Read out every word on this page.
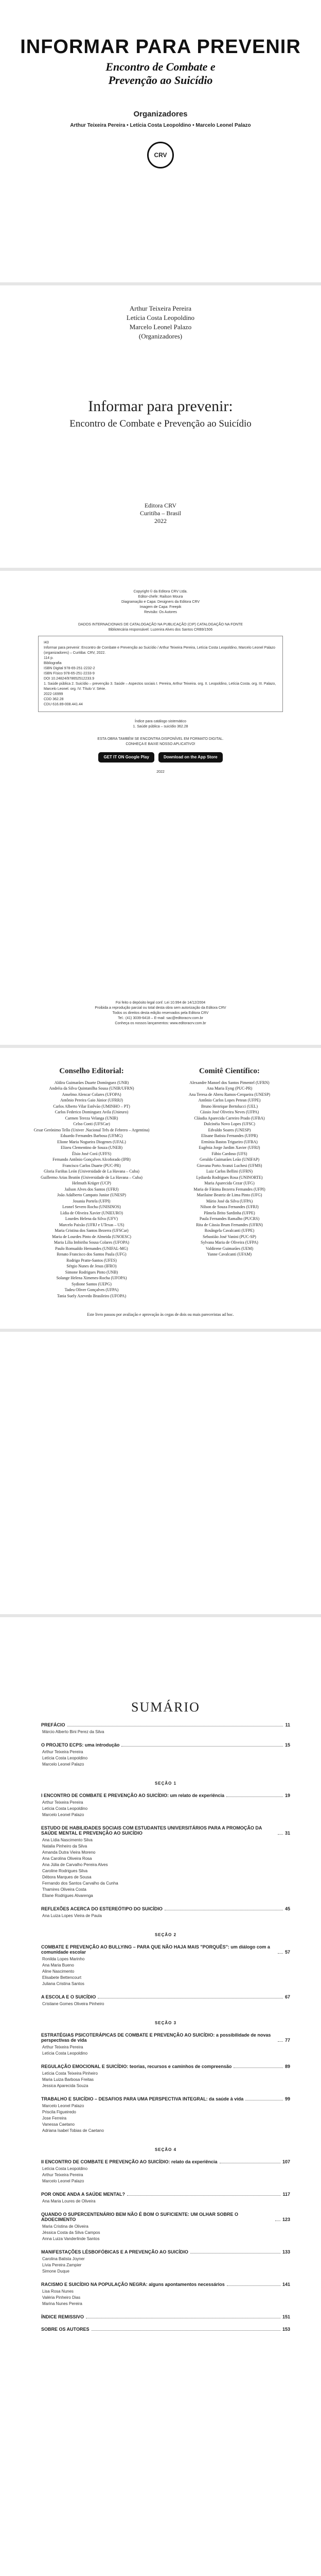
INFORMAR PARA PREVENIR
Encontro de Combate e
Prevenção ao Suicídio
Organizadores
Arthur Teixeira Pereira • Letícia Costa Leopoldino • Marcelo Leonel Palazo
CRV
Arthur Teixeira Pereira
Letícia Costa Leopoldino
Marcelo Leonel Palazo
(Organizadores)
Informar para prevenir:
Encontro de Combate e Prevenção ao Suicídio
Editora CRV
Curitiba – Brasil
2022

Copyright © da Editora CRV Ltda.

Editor-chefe: Railson Moura

Diagramação e Capa: Designers da Editora CRV

Imagem de Capa: Freepik

Revisão: Os Autores

DADOS INTERNACIONAIS DE CATALOGAÇÃO NA PUBLICAÇÃO (CIP) CATALOGAÇÃO NA FONTE
Bibliotecária responsável: Luzenira Alves dos Santos CRB9/1506

I43

Informar para prevenir: Encontro de Combate e Prevenção ao Suicídio / Arthur Teixeira Pereira, Letícia Costa Leopoldino, Marcelo Leonel Palazo (organizadores) – Curitiba: CRV, 2022.

114 p.

Bibliografia

ISBN Digital 978-65-251-2232-2

ISBN Físico 978-65-251-2233-9

DOI 10.24824/978652512233.9

1. Saúde pública 2. Suicídio – prevenção 3. Saúde – Aspectos sociais I. Pereira, Arthur Teixeira. org. II. Leopoldino, Letícia Costa. org. III. Palazo, Marcelo Leonel. org. IV. Título V. Série.

2022-16999

CDD 362.28

CDU 616.89-008.441.44

Índice para catálogo sistemático
1. Saúde pública – suicídio 362.28
ESTA OBRA TAMBÉM SE ENCONTRA DISPONÍVEL EM FORMATO DIGITAL.
CONHEÇA E BAIXE NOSSO APLICATIVO!
GET IT ON Google Play	Download on the App Store
2022

Foi feito o depósito legal conf. Lei 10.994 de 14/12/2004

Proibida a reprodução parcial ou total desta obra sem autorização da Editora CRV

Todos os direitos desta edição reservados pela Editora CRV

Tel.: (41) 3039-6418 – E-mail: sac@editoracrv.com.br

Conheça os nossos lançamentos: www.editoracrv.com.br

Conselho Editorial:
Aldira Guimarães Duarte Domínguez (UNB)
Andréia da Silva Quintanilha Sousa (UNIR/UFRN)
Anselmo Alencar Colares (UFOPA)
Antônio Pereira Gaio Júnior (UFRRJ)
Carlos Alberto Vilar Estêvão (UMINHO – PT)
Carlos Federico Dominguez Avila (Unieuro)
Carmen Tereza Velanga (UNIR)
Celso Conti (UFSCar)
Cesar Gerónimo Tello (Univer .Nacional Três de Febrero – Argentina)
Eduardo Fernandes Barbosa (UFMG)
Elione Maria Nogueira Diogenes (UFAL)
Elizeu Clementino de Souza (UNEB)
Élsio José Corá (UFFS)
Fernando Antônio Gonçalves Alcoforado (IPB)
Francisco Carlos Duarte (PUC-PR)
Gloria Fariñas León (Universidade de La Havana – Cuba)
Guillermo Arias Beatón (Universidade de La Havana – Cuba)
Helmuth Krüger (UCP)
Jailson Alves dos Santos (UFRJ)
João Adalberto Campato Junior (UNESP)
Josania Portela (UFPI)
Leonel Severo Rocha (UNISINOS)
Lídia de Oliveira Xavier (UNIEURO)
Lourdes Helena da Silva (UFV)
Marcelo Paixão (UFRJ e UTexas – US)
Maria Cristina dos Santos Bezerra (UFSCar)
Maria de Lourdes Pinto de Almeida (UNOESC)
Maria Lília Imbiriba Sousa Colares (UFOPA)
Paulo Romualdo Hernandes (UNIFAL-MG)
Renato Francisco dos Santos Paula (UFG)
Rodrigo Pratte-Santos (UFES)
Sérgio Nunes de Jesus (IFRO)
Simone Rodrigues Pinto (UNB)
Solange Helena Ximenes-Rocha (UFOPA)
Sydione Santos (UEPG)
Tadeu Oliver Gonçalves (UFPA)
Tania Suely Azevedo Brasileiro (UFOPA)
Comitê Científico:
Alexandre Manoel dos Santos Pimentel (UFRN)
Ana Maria Eyng (PUC-PR)
Ana Teresa de Abreu Ramos-Cerqueira (UNESP)
Antônio Carlos Lopes Petean (UFPE)
Bruno Henrique Bertolucci (UEL)
Cássio José Oliveira Neves (UFPA)
Cláudia Aparecida Carreiro Prado (UFBA)
Dulcinéia Novo Lopes (UFSC)
Edvaldo Soares (UNESP)
Elisane Batista Fernandes (UFPR)
Ermínia Bastos Trigueiro (UFBA)
Eugênia Jorge Jardim Xavier (UFRJ)
Fábio Cardoso (UFS)
Geraldo Guimarães Leão (UNIFAP)
Giovana Porto Avanzi Luchesi (UFMS)
Luiz Carlos Bellini (UFRN)
Lydiarda Rodrigues Rosa (UNINORTE)
Maria Aparecida Cezar (UFG)
Maria de Fátima Bezerra Fernandes (UFPI)
Marilaine Beatriz de Lima Pinto (UFG)
Mário José da Silva (UFPA)
Nilson de Souza Fernandes (UFRJ)
Pâmela Brito Sardinha (UFPE)
Paula Fernandes Ramalho (PUCRS)
Rita de Cássia Brum Fernandes (UFRN)
Rosângela Cavalcanti (UFPE)
Sebastião José Vanini (PUC-SP)
Sylvana Maria de Oliveira (UFPA)
Valdirene Guimarães (UEM)
Yanne Cavalcanti (UFAM)
Este livro passou por avaliação e aprovação às cegas de dois ou mais pareceristas ad hoc.
SUMÁRIO
PREFÁCIO	11
Márcio Alberto Bini Perez da Silva
O PROJETO ECPS: uma introdução	15
Arthur Teixeira Pereira
Letícia Costa Leopoldino
Marcelo Leonel Palazo
SEÇÃO 1
I ENCONTRO DE COMBATE E PREVENÇÃO AO SUICÍDIO: um relato de experiência	19
Arthur Teixeira Pereira
Letícia Costa Leopoldino
Marcelo Leonel Palazo
ESTUDO DE HABILIDADES SOCIAIS COM ESTUDANTES UNIVERSITÁRIOS PARA A PROMOÇÃO DA SAÚDE MENTAL E PREVENÇÃO AO SUICÍDIO	31
Ana Lídia Nascimento Silva
Natalia Pinheiro da Silva
Amanda Dutra Vieira Moreno
Ana Carolina Oliveira Rosa
Ana Júlia de Carvalho Pereira Alves
Caroline Rodrigues Silva
Débora Marques de Sousa
Fernando dos Santos Carvalho da Cunha
Thamires Oliveira Costa
Eliane Rodrigues Alvarenga
REFLEXÕES ACERCA DO ESTEREÓTIPO DO SUICÍDIO	45
Ana Luiza Lopes Vieira de Paula
SEÇÃO 2
COMBATE E PREVENÇÃO AO BULLYING – PARA QUE NÃO HAJA MAIS "PORQUÊS": um diálogo com a comunidade escolar	57
Ronilda Lopes Marinho
Ana Maria Bueno
Aline Nascimento
Elisabete Bettencourt
Juliana Cristina Santos
A ESCOLA E O SUICÍDIO	67
Cristiane Gomes Oliveira Pinheiro
SEÇÃO 3
ESTRATÉGIAS PSICOTERÁPICAS DE COMBATE E PREVENÇÃO AO SUICÍDIO: a possibilidade de novas perspectivas de vida	77
Arthur Teixeira Pereira
Letícia Costa Leopoldino
REGULAÇÃO EMOCIONAL E SUICÍDIO: teorias, recursos e caminhos de compreensão	89
Letícia Costa Teixeira Pinheiro
Maria Luiza Barbosa Freitas
Jessica Aparecida Souza
TRABALHO E SUICÍDIO – DESAFIOS PARA UMA PERSPECTIVA INTEGRAL: da saúde à vida	99
Marcelo Leonel Palazo
Priscila Figueiredo
Jose Ferreira
Vanessa Caetano
Adriana Isabel Tobias de Caetano
SEÇÃO 4
II ENCONTRO DE COMBATE E PREVENÇÃO AO SUICÍDIO: relato da experiência	107
Letícia Costa Leopoldino
Arthur Teixeira Pereira
Marcelo Leonel Palazo
POR ONDE ANDA A SAÚDE MENTAL?	117
Ana Maria Loures de Oliveira
QUANDO O SUPERCENTENÁRIO BEM NÃO É BOM O SUFICIENTE: UM OLHAR SOBRE O ADOECIMENTO	123
Maria Cristina de Oliveira
Jéssica Costa da Silva Campos
Anna Luiza Vanderlinde Santos
MANIFESTAÇÕES LÉSBOFÓBICAS E A PREVENÇÃO AO SUICÍDIO	133
Carolina Batista Joyner
Lívia Pereira Zampier
Simone Duque
RACISMO E SUICÍDIO NA POPULAÇÃO NEGRA: alguns apontamentos necessários	141
Lisa Rosa Nunes
Valéria Pinheiro Dias
Marina Nunes Pereira
ÍNDICE REMISSIVO	151
SOBRE OS AUTORES	153
